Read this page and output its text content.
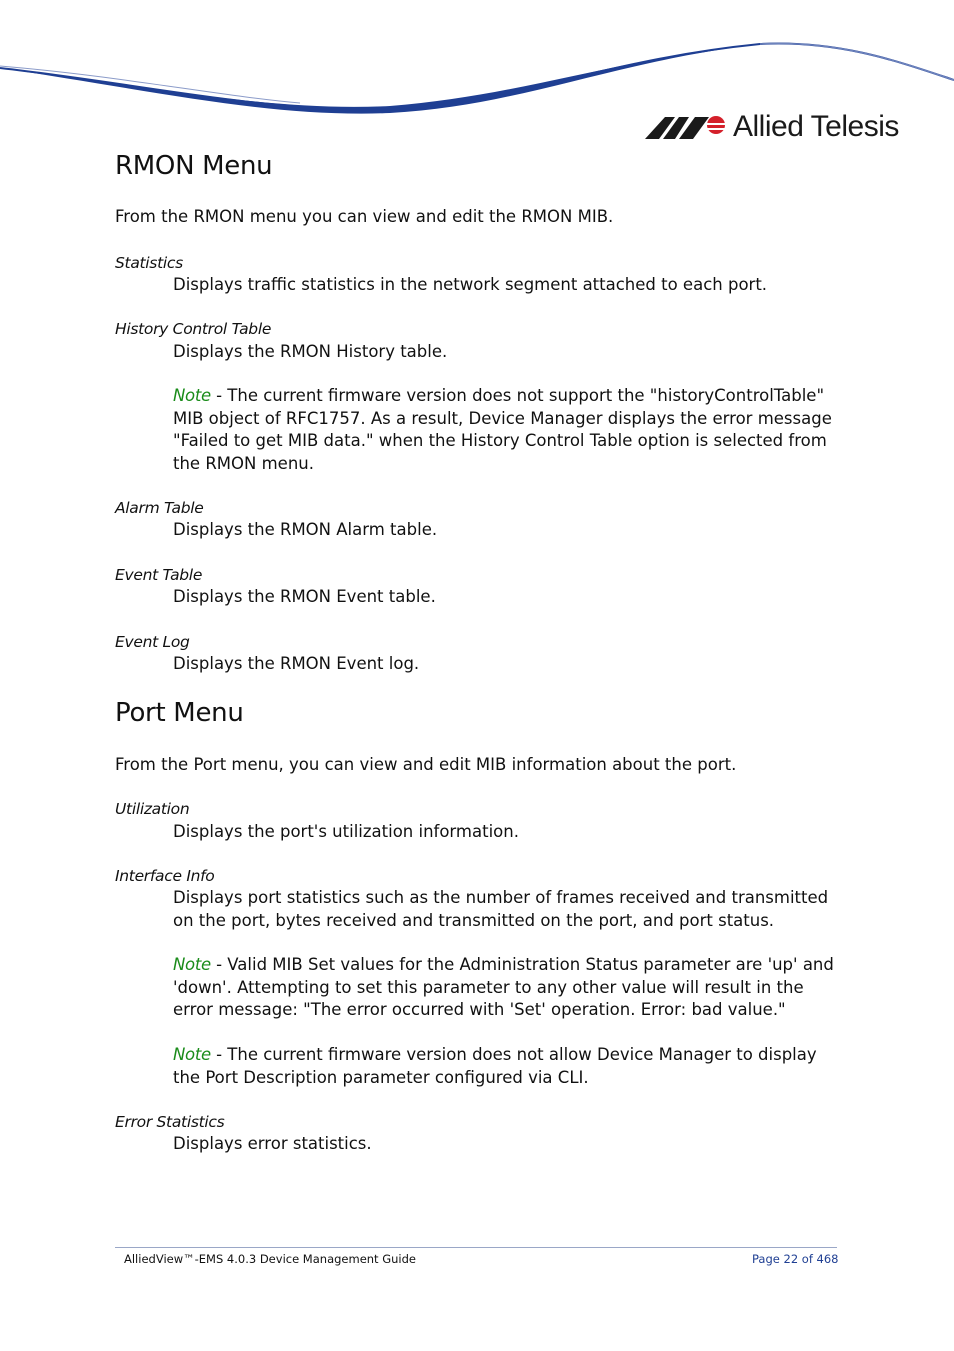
Allied Telesis
RMON Menu

From the RMON menu you can view and edit the RMON MIB.

Statistics

Displays traffic statistics in the network segment attached to each port.

History Control Table

Displays the RMON History table.

Note - The current firmware version does not support the "historyControlTable" MIB object of RFC1757. As a result, Device Manager displays the error message "Failed to get MIB data." when the History Control Table option is selected from the RMON menu.

Alarm Table

Displays the RMON Alarm table.

Event Table

Displays the RMON Event table.

Event Log

Displays the RMON Event log.

Port Menu

From the Port menu, you can view and edit MIB information about the port.

Utilization

Displays the port's utilization information.

Interface Info

Displays port statistics such as the number of frames received and transmitted on the port, bytes received and transmitted on the port, and port status.

Note - Valid MIB Set values for the Administration Status parameter are 'up' and 'down'. Attempting to set this parameter to any other value will result in the error message: "The error occurred with 'Set' operation. Error: bad value."

Note - The current firmware version does not allow Device Manager to display the Port Description parameter configured via CLI.

Error Statistics

Displays error statistics.

AlliedView™-EMS 4.0.3 Device Management Guide	Page 22 of 468
